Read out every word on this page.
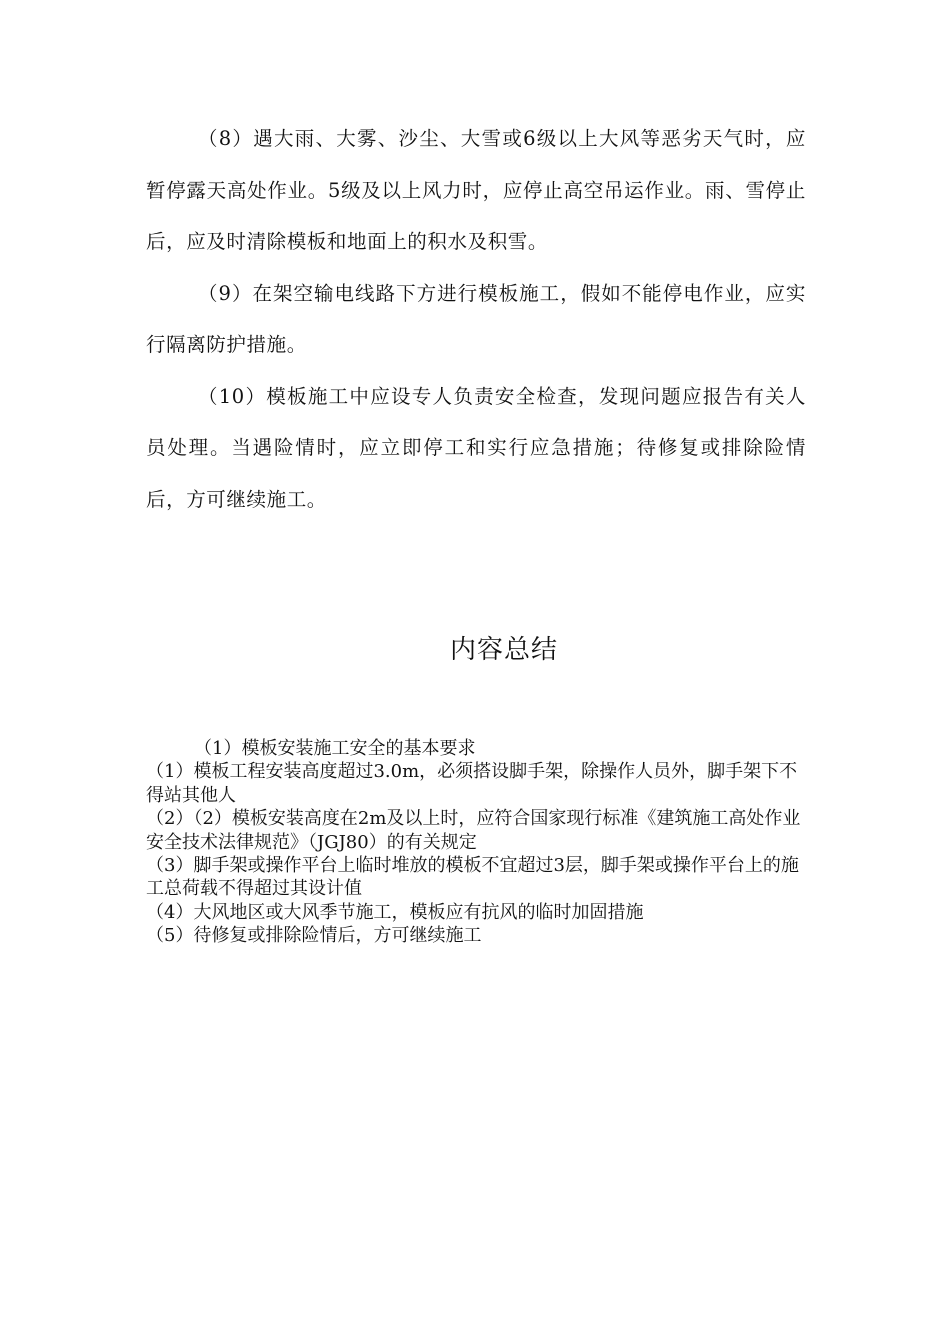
（8）遇大雨、大雾、沙尘、大雪或6级以上大风等恶劣天气时，应暂停露天高处作业。5级及以上风力时，应停止高空吊运作业。雨、雪停止后，应及时清除模板和地面上的积水及积雪。

（9）在架空输电线路下方进行模板施工，假如不能停电作业，应实行隔离防护措施。

（10）模板施工中应设专人负责安全检查，发现问题应报告有关人员处理。当遇险情时，应立即停工和实行应急措施；待修复或排除险情后，方可继续施工。

内容总结

（1）模板安装施工安全的基本要求

（1）模板工程安装高度超过3.0m，必须搭设脚手架，除操作人员外，脚手架下不得站其他人
（2）（2）模板安装高度在2m及以上时，应符合国家现行标准《建筑施工高处作业安全技术法律规范》（JGJ80）的有关规定
（3）脚手架或操作平台上临时堆放的模板不宜超过3层，脚手架或操作平台上的施工总荷载不得超过其设计值
（4）大风地区或大风季节施工，模板应有抗风的临时加固措施
（5）待修复或排除险情后，方可继续施工
